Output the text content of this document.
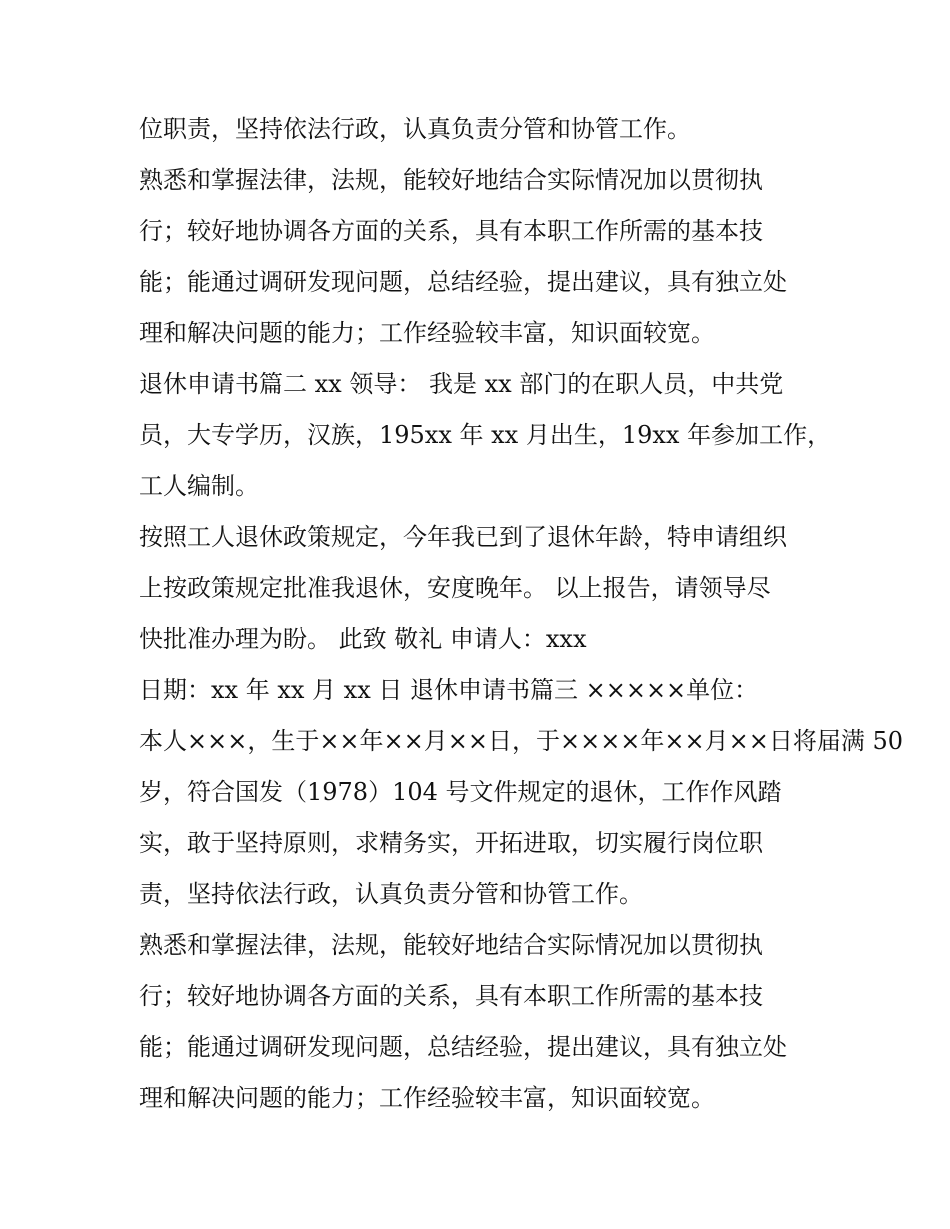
位职责，坚持依法行政，认真负责分管和协管工作。
熟悉和掌握法律，法规，能较好地结合实际情况加以贯彻执
行；较好地协调各方面的关系，具有本职工作所需的基本技
能；能通过调研发现问题，总结经验，提出建议，具有独立处
理和解决问题的能力；工作经验较丰富，知识面较宽。
退休申请书篇二 xx 领导： 我是 xx 部门的在职人员，中共党
员，大专学历，汉族，195xx 年 xx 月出生，19xx 年参加工作，
工人编制。
按照工人退休政策规定，今年我已到了退休年龄，特申请组织
上按政策规定批准我退休，安度晚年。 以上报告，请领导尽
快批准办理为盼。 此致 敬礼 申请人：xxx
日期：xx 年 xx 月 xx 日 退休申请书篇三 ×××××单位：
本人×××，生于××年××月××日，于××××年××月××日将届满 50
岁，符合国发（1978）104 号文件规定的退休，工作作风踏
实，敢于坚持原则，求精务实，开拓进取，切实履行岗位职
责，坚持依法行政，认真负责分管和协管工作。
熟悉和掌握法律，法规，能较好地结合实际情况加以贯彻执
行；较好地协调各方面的关系，具有本职工作所需的基本技
能；能通过调研发现问题，总结经验，提出建议，具有独立处
理和解决问题的能力；工作经验较丰富，知识面较宽。
